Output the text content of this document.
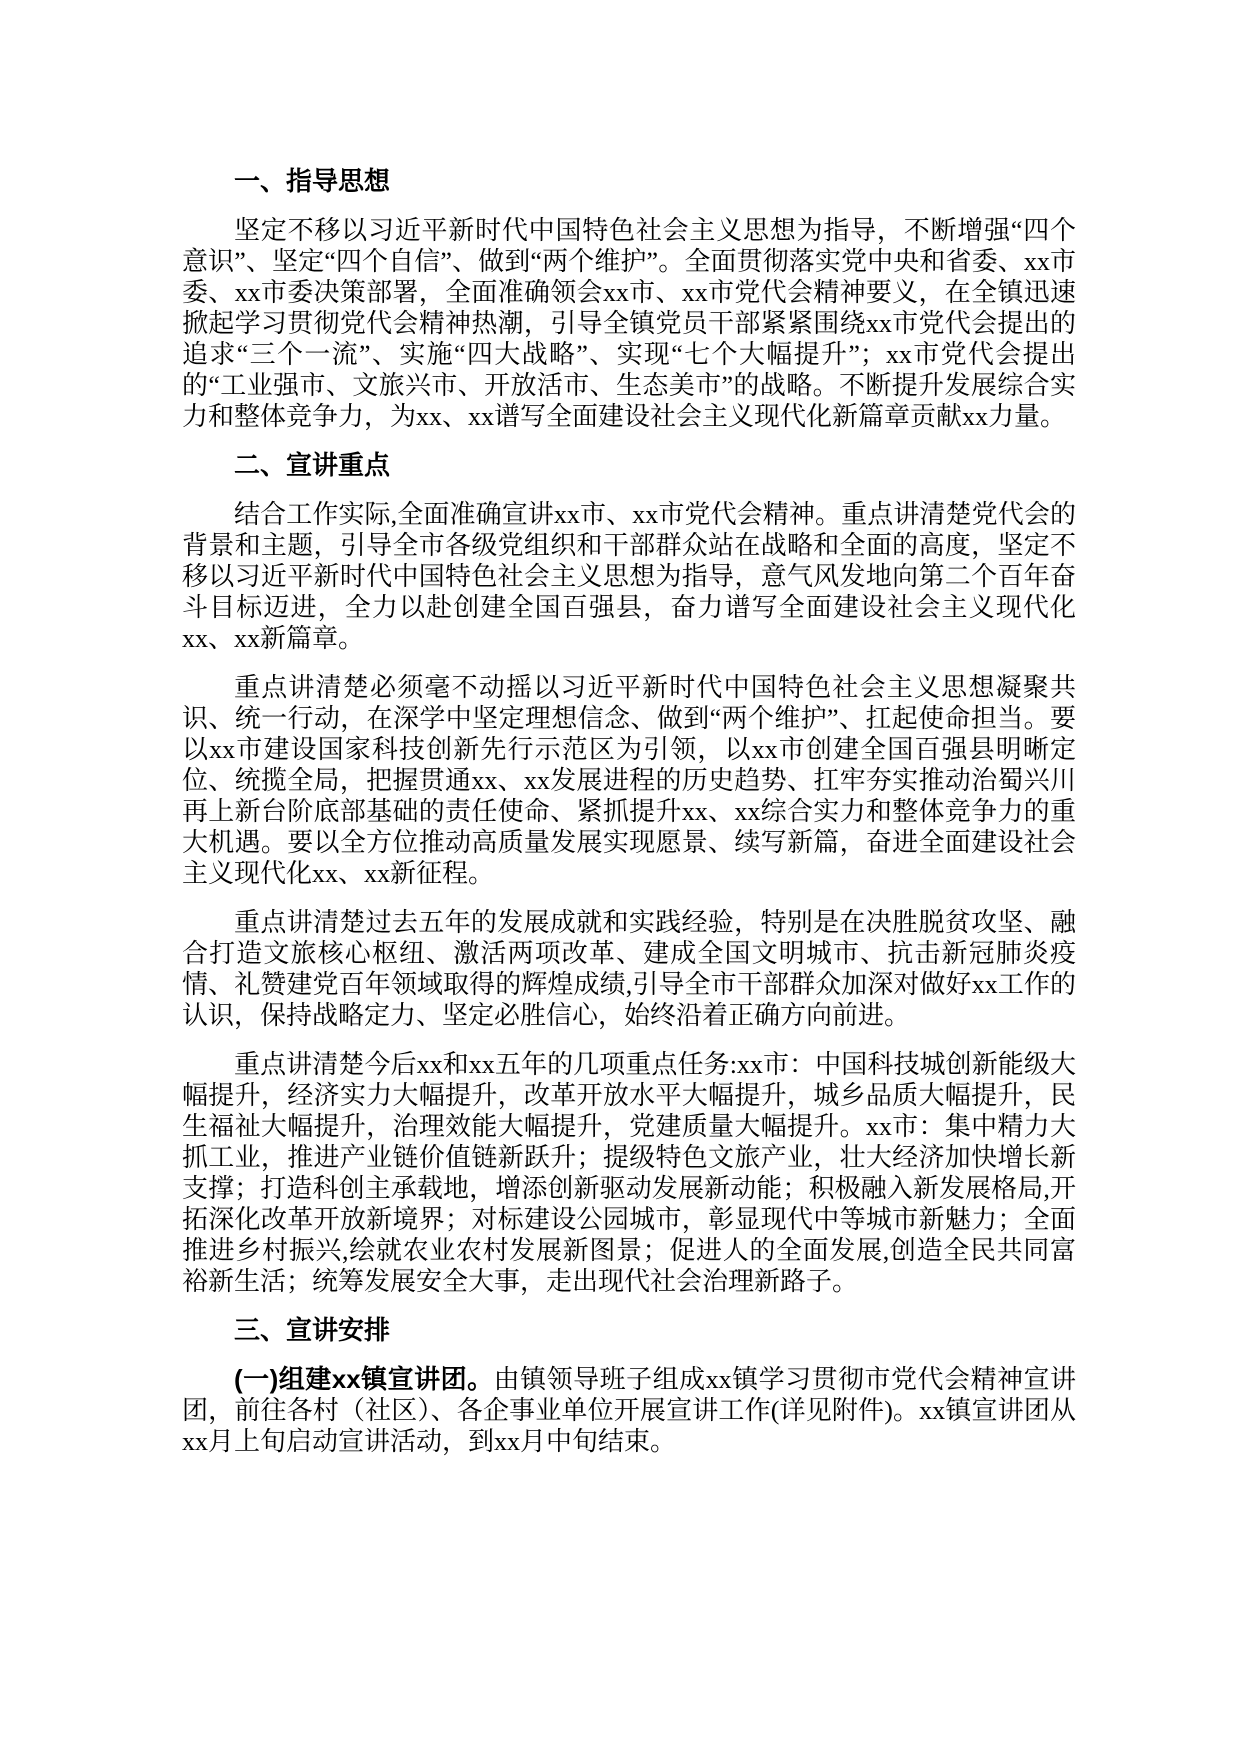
一、指导思想

坚定不移以习近平新时代中国特色社会主义思想为指导，不断增强“四个意识”、坚定“四个自信”、做到“两个维护”。全面贯彻落实党中央和省委、xx市委、xx市委决策部署，全面准确领会xx市、xx市党代会精神要义，在全镇迅速掀起学习贯彻党代会精神热潮，引导全镇党员干部紧紧围绕xx市党代会提出的追求“三个一流”、实施“四大战略”、实现“七个大幅提升”；xx市党代会提出的“工业强市、文旅兴市、开放活市、生态美市”的战略。不断提升发展综合实力和整体竞争力，为xx、xx谱写全面建设社会主义现代化新篇章贡献xx力量。

二、宣讲重点

结合工作实际,全面准确宣讲xx市、xx市党代会精神。重点讲清楚党代会的背景和主题，引导全市各级党组织和干部群众站在战略和全面的高度，坚定不移以习近平新时代中国特色社会主义思想为指导，意气风发地向第二个百年奋斗目标迈进，全力以赴创建全国百强县，奋力谱写全面建设社会主义现代化xx、xx新篇章。

重点讲清楚必须毫不动摇以习近平新时代中国特色社会主义思想凝聚共识、统一行动，在深学中坚定理想信念、做到“两个维护”、扛起使命担当。要以xx市建设国家科技创新先行示范区为引领，以xx市创建全国百强县明晰定位、统揽全局，把握贯通xx、xx发展进程的历史趋势、扛牢夯实推动治蜀兴川再上新台阶底部基础的责任使命、紧抓提升xx、xx综合实力和整体竞争力的重大机遇。要以全方位推动高质量发展实现愿景、续写新篇，奋进全面建设社会主义现代化xx、xx新征程。

重点讲清楚过去五年的发展成就和实践经验，特别是在决胜脱贫攻坚、融合打造文旅核心枢纽、激活两项改革、建成全国文明城市、抗击新冠肺炎疫情、礼赞建党百年领域取得的辉煌成绩,引导全市干部群众加深对做好xx工作的认识，保持战略定力、坚定必胜信心，始终沿着正确方向前进。

重点讲清楚今后xx和xx五年的几项重点任务:xx市：中国科技城创新能级大幅提升，经济实力大幅提升，改革开放水平大幅提升，城乡品质大幅提升，民生福祉大幅提升，治理效能大幅提升，党建质量大幅提升。xx市：集中精力大抓工业，推进产业链价值链新跃升；提级特色文旅产业，壮大经济加快增长新支撑；打造科创主承载地，增添创新驱动发展新动能；积极融入新发展格局,开拓深化改革开放新境界；对标建设公园城市，彰显现代中等城市新魅力；全面推进乡村振兴,绘就农业农村发展新图景；促进人的全面发展,创造全民共同富裕新生活；统筹发展安全大事，走出现代社会治理新路子。

三、宣讲安排

(一)组建xx镇宣讲团。由镇领导班子组成xx镇学习贯彻市党代会精神宣讲团，前往各村（社区）、各企事业单位开展宣讲工作(详见附件)。xx镇宣讲团从xx月上旬启动宣讲活动，到xx月中旬结束。
